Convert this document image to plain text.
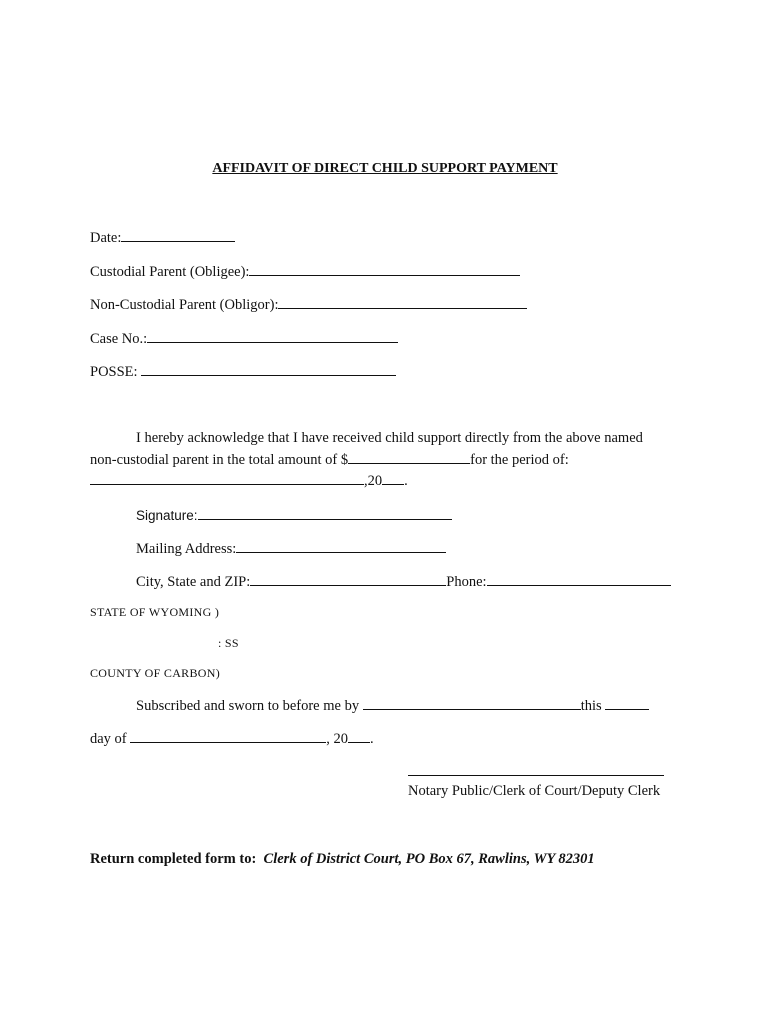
AFFIDAVIT OF DIRECT CHILD SUPPORT PAYMENT
Date:
Custodial Parent (Obligee):
Non-Custodial Parent (Obligor):
Case No.:
POSSE:
I hereby acknowledge that I have received child support directly from the above named
non-custodial parent in the total amount of $	for the period of:
,20 .
Signature:
Mailing Address:
City, State and ZIP:	Phone:
STATE OF WYOMING )
: SS
COUNTY OF CARBON)
Subscribed and sworn to before me by	this
day of	, 20 .
Notary Public/Clerk of Court/Deputy Clerk
Return completed form to: Clerk of District Court, PO Box 67, Rawlins, WY 82301
